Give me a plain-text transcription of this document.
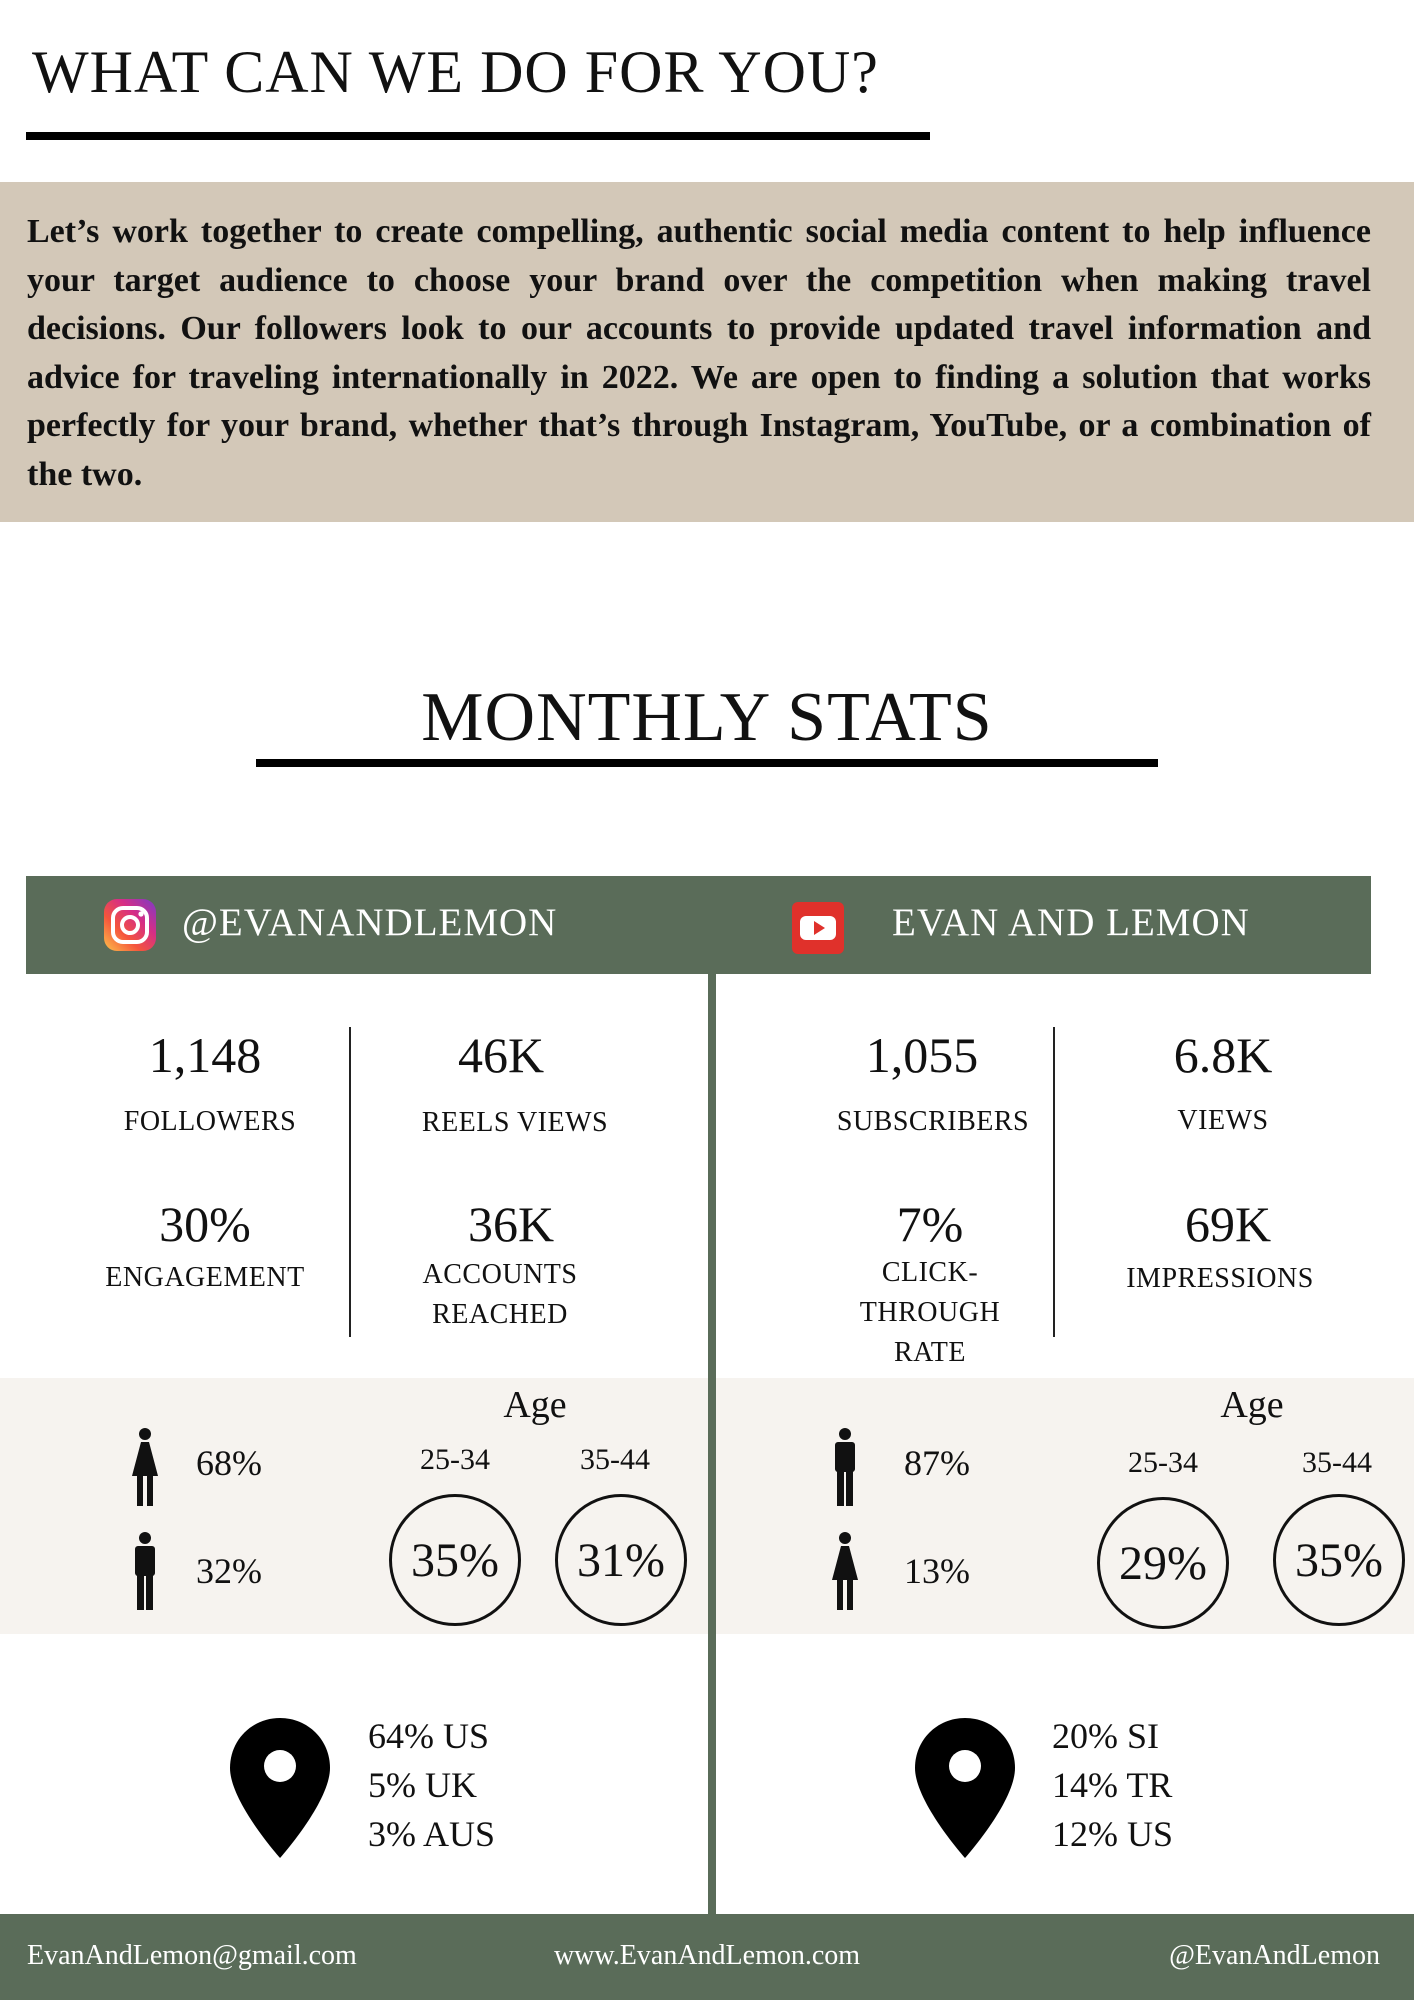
WHAT CAN WE DO FOR YOU?

Let’s work together to create compelling, authentic social media content to help influence your target audience to choose your brand over the competition when making travel decisions. Our followers look to our accounts to provide updated travel information and advice for traveling internationally in 2022. We are open to finding a solution that works perfectly for your brand, whether that’s through Instagram, YouTube, or a combination of the two.

MONTHLY STATS
@EVANANDLEMON	EVAN AND LEMON
1,148
FOLLOWERS
46K
REELS VIEWS
30%
ENGAGEMENT
36K
ACCOUNTS REACHED
1,055
SUBSCRIBERS
6.8K
VIEWS
7%
CLICK-THROUGH RATE
69K
IMPRESSIONS
68%
32%
Age
25-34	35-44
35%	31%
87%
13%
Age
25-34	35-44
29%	35%
64% US
5% UK
3% AUS
20% SI
14% TR
12% US
EvanAndLemon@gmail.com	www.EvanAndLemon.com	@EvanAndLemon
